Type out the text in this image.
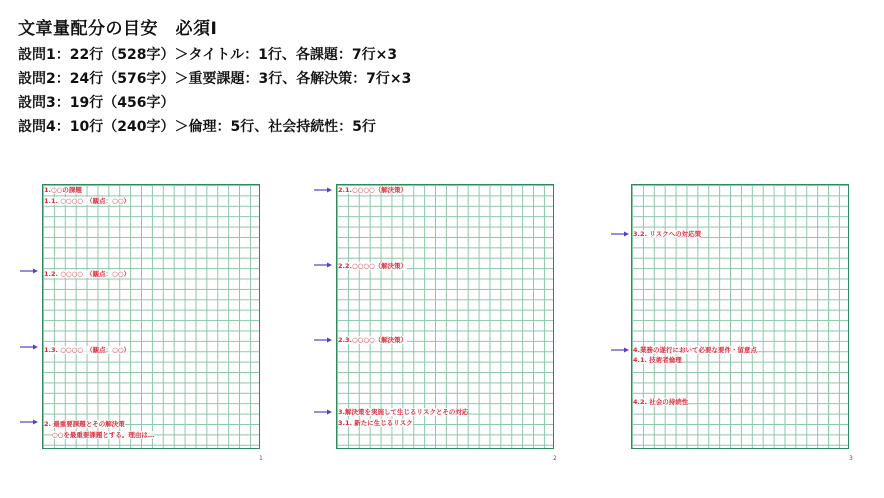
文章量配分の目安　必須Ⅰ
設問1：22行（528字）＞タイトル：1行、各課題：7行×3
設問2：24行（576字）＞重要課題：3行、各解決策：7行×3
設問3：19行（456字）
設問4：10行（240字）＞倫理：5行、社会持続性：5行
1
1.○○の課題
1.1. ○○○○　（観点：○○）
1.2. ○○○○　（観点：○○）
1.3. ○○○○　（観点：○○）
2. 最重要課題とその解決策
○○を最重要課題とする。理由は…
2
2.1.○○○○（解決策）
2.2.○○○○（解決策）
2.3.○○○○（解決策）
3.解決策を実施して生じるリスクとその対応
3.1. 新たに生じるリスク
3
3.2. リスクへの対応策
4.業務の遂行において必要な要件・留意点
4.1. 技術者倫理
4.2. 社会の持続性
